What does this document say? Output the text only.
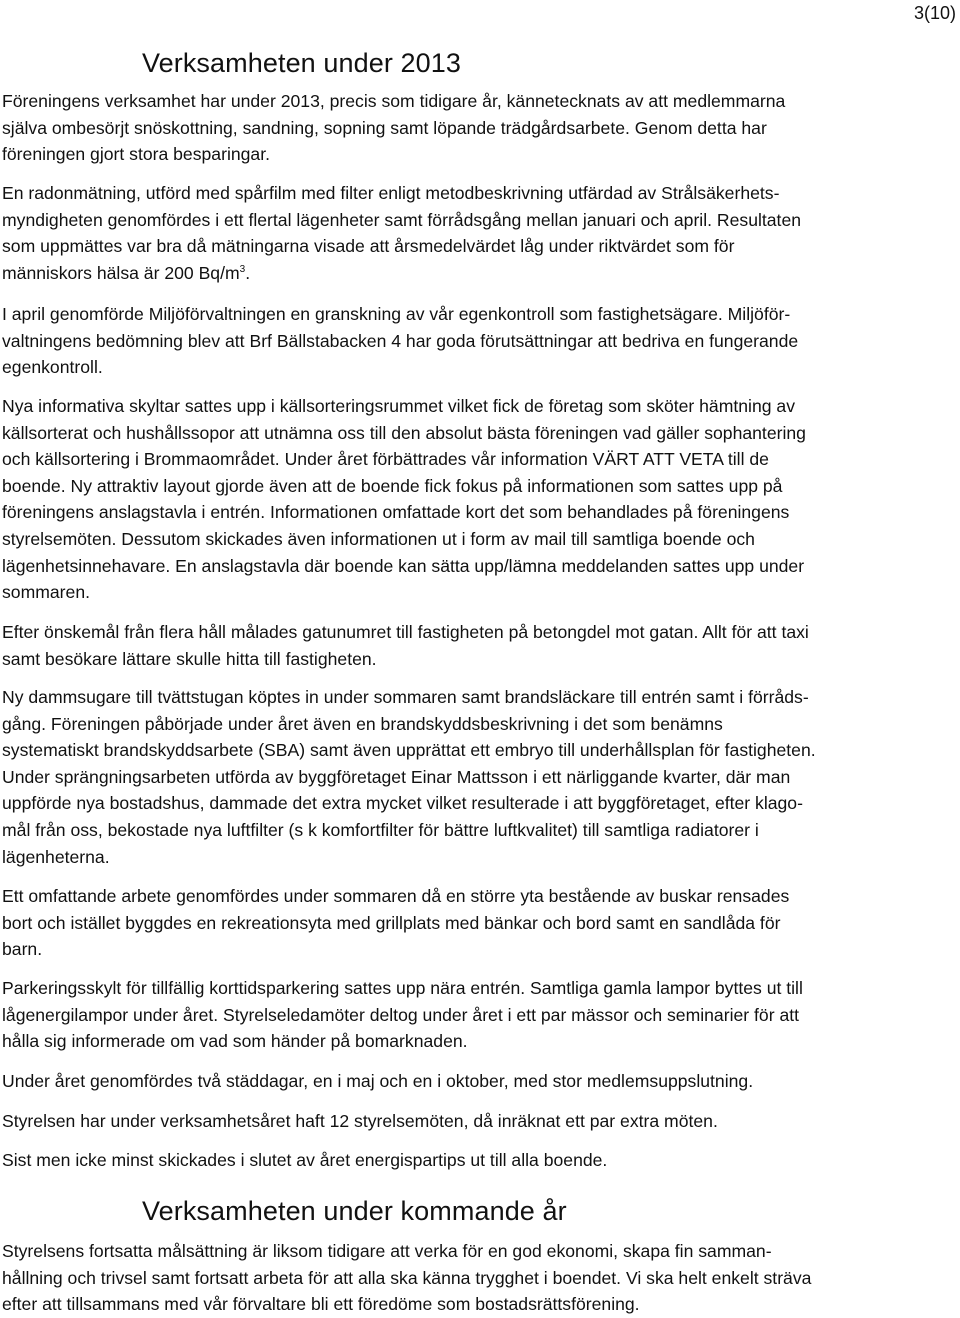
3(10)
Verksamheten under 2013

Föreningens verksamhet har under 2013, precis som tidigare år, kännetecknats av att medlemmarna
själva ombesörjt snöskottning, sandning, sopning samt löpande trädgårdsarbete. Genom detta har
föreningen gjort stora besparingar.

En radonmätning, utförd med spårfilm med filter enligt metodbeskrivning utfärdad av Strålsäkerhets-
myndigheten genomfördes i ett flertal lägenheter samt förrådsgång mellan januari och april. Resultaten
som uppmättes var bra då mätningarna visade att årsmedelvärdet låg under riktvärdet som för
människors hälsa är 200 $Bq/m^3$.

I april genomförde Miljöförvaltningen en granskning av vår egenkontroll som fastighetsägare. Miljöför-
valtningens bedömning blev att Brf Bällstabacken 4 har goda förutsättningar att bedriva en fungerande
egenkontroll.

Nya informativa skyltar sattes upp i källsorteringsrummet vilket fick de företag som sköter hämtning av
källsorterat och hushållssopor att utnämna oss till den absolut bästa föreningen vad gäller sophantering
och källsortering i Brommaområdet. Under året förbättrades vår information VÄRT ATT VETA till de
boende. Ny attraktiv layout gjorde även att de boende fick fokus på informationen som sattes upp på
föreningens anslagstavla i entrén. Informationen omfattade kort det som behandlades på föreningens
styrelsemöten. Dessutom skickades även informationen ut i form av mail till samtliga boende och
lägenhetsinnehavare. En anslagstavla där boende kan sätta upp/lämna meddelanden sattes upp under
sommaren.

Efter önskemål från flera håll målades gatunumret till fastigheten på betongdel mot gatan. Allt för att taxi
samt besökare lättare skulle hitta till fastigheten.

Ny dammsugare till tvättstugan köptes in under sommaren samt brandsläckare till entrén samt i förråds-
gång. Föreningen påbörjade under året även en brandskyddsbeskrivning i det som benämns
systematiskt brandskyddsarbete (SBA) samt även upprättat ett embryo till underhållsplan för fastigheten.
Under sprängningsarbeten utförda av byggföretaget Einar Mattsson i ett närliggande kvarter, där man
uppförde nya bostadshus, dammade det extra mycket vilket resulterade i att byggföretaget, efter klago-
mål från oss, bekostade nya luftfilter (s k komfortfilter för bättre luftkvalitet) till samtliga radiatorer i
lägenheterna.

Ett omfattande arbete genomfördes under sommaren då en större yta bestående av buskar rensades
bort och istället byggdes en rekreationsyta med grillplats med bänkar och bord samt en sandlåda för
barn.

Parkeringsskylt för tillfällig korttidsparkering sattes upp nära entrén. Samtliga gamla lampor byttes ut till
lågenergilampor under året. Styrelseledamöter deltog under året i ett par mässor och seminarier för att
hålla sig informerade om vad som händer på bomarknaden.

Under året genomfördes två städdagar, en i maj och en i oktober, med stor medlemsuppslutning.

Styrelsen har under verksamhetsåret haft 12 styrelsemöten, då inräknat ett par extra möten.

Sist men icke minst skickades i slutet av året energispartips ut till alla boende.

Verksamheten under kommande år

Styrelsens fortsatta målsättning är liksom tidigare att verka för en god ekonomi, skapa fin samman-
hållning och trivsel samt fortsatt arbeta för att alla ska känna trygghet i boendet. Vi ska helt enkelt sträva
efter att tillsammans med vår förvaltare bli ett föredöme som bostadsrättsförening.
